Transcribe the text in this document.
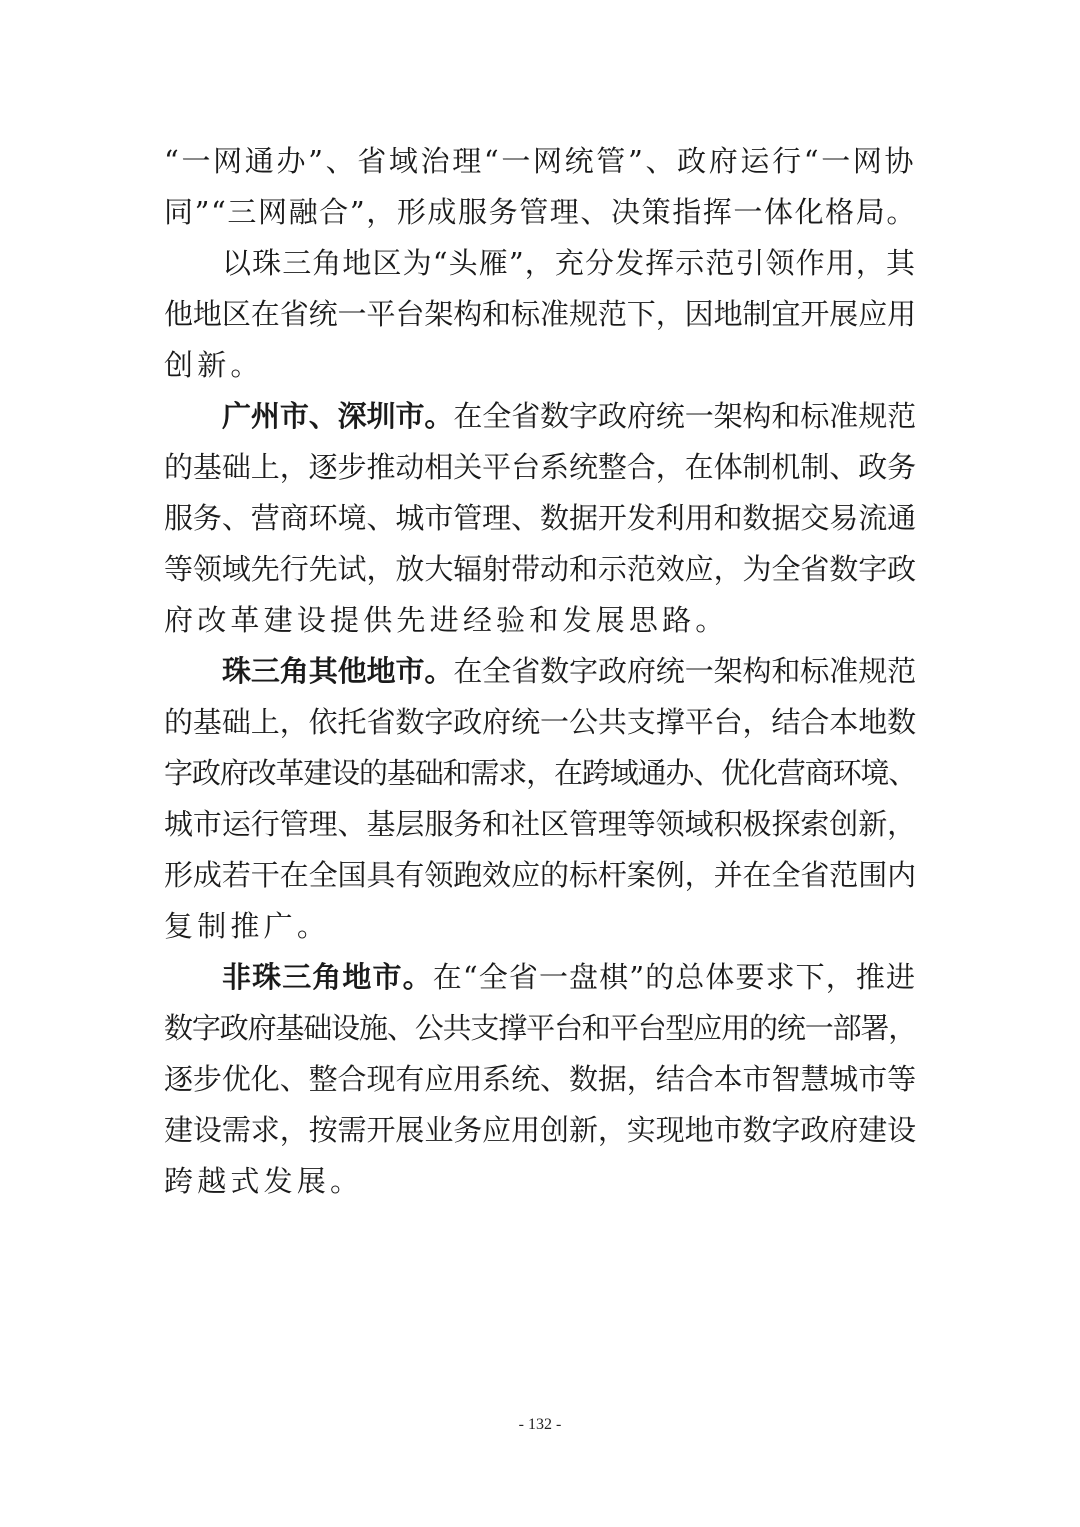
“一网通办”、省域治理“一网统管”、政府运行“一网协
同”“三网融合”，形成服务管理、决策指挥一体化格局。
以珠三角地区为“头雁”，充分发挥示范引领作用，其
他地区在省统一平台架构和标准规范下，因地制宜开展应用
创新。
广州市、深圳市。在全省数字政府统一架构和标准规范
的基础上，逐步推动相关平台系统整合，在体制机制、政务
服务、营商环境、城市管理、数据开发利用和数据交易流通
等领域先行先试，放大辐射带动和示范效应，为全省数字政
府改革建设提供先进经验和发展思路。
珠三角其他地市。在全省数字政府统一架构和标准规范
的基础上，依托省数字政府统一公共支撑平台，结合本地数
字政府改革建设的基础和需求，在跨域通办、优化营商环境、
城市运行管理、基层服务和社区管理等领域积极探索创新，
形成若干在全国具有领跑效应的标杆案例，并在全省范围内
复制推广。
非珠三角地市。在“全省一盘棋”的总体要求下，推进
数字政府基础设施、公共支撑平台和平台型应用的统一部署，
逐步优化、整合现有应用系统、数据，结合本市智慧城市等
建设需求，按需开展业务应用创新，实现地市数字政府建设
跨越式发展。
- 132 -
